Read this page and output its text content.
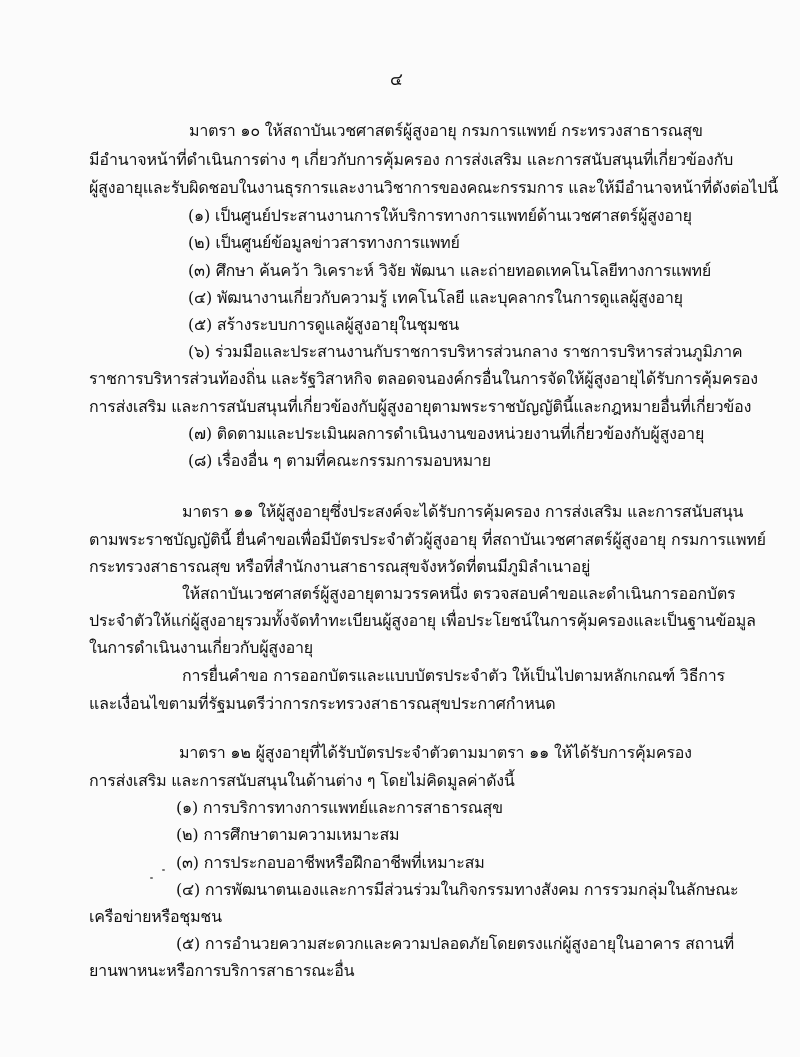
๔
มาตรา ๑๐ ให้สถาบันเวชศาสตร์ผู้สูงอายุ กรมการแพทย์ กระทรวงสาธารณสุข
มีอำนาจหน้าที่ดำเนินการต่าง ๆ เกี่ยวกับการคุ้มครอง การส่งเสริม และการสนับสนุนที่เกี่ยวข้องกับ
ผู้สูงอายุและรับผิดชอบในงานธุรการและงานวิชาการของคณะกรรมการ และให้มีอำนาจหน้าที่ดังต่อไปนี้
(๑) เป็นศูนย์ประสานงานการให้บริการทางการแพทย์ด้านเวชศาสตร์ผู้สูงอายุ
(๒) เป็นศูนย์ข้อมูลข่าวสารทางการแพทย์
(๓) ศึกษา ค้นคว้า วิเคราะห์ วิจัย พัฒนา และถ่ายทอดเทคโนโลยีทางการแพทย์
(๔) พัฒนางานเกี่ยวกับความรู้ เทคโนโลยี และบุคลากรในการดูแลผู้สูงอายุ
(๕) สร้างระบบการดูแลผู้สูงอายุในชุมชน
(๖) ร่วมมือและประสานงานกับราชการบริหารส่วนกลาง ราชการบริหารส่วนภูมิภาค
ราชการบริหารส่วนท้องถิ่น และรัฐวิสาหกิจ ตลอดจนองค์กรอื่นในการจัดให้ผู้สูงอายุได้รับการคุ้มครอง
การส่งเสริม และการสนับสนุนที่เกี่ยวข้องกับผู้สูงอายุตามพระราชบัญญัตินี้และกฎหมายอื่นที่เกี่ยวข้อง
(๗) ติดตามและประเมินผลการดำเนินงานของหน่วยงานที่เกี่ยวข้องกับผู้สูงอายุ
(๘) เรื่องอื่น ๆ ตามที่คณะกรรมการมอบหมาย
มาตรา ๑๑ ให้ผู้สูงอายุซึ่งประสงค์จะได้รับการคุ้มครอง การส่งเสริม และการสนับสนุน
ตามพระราชบัญญัตินี้ ยื่นคำขอเพื่อมีบัตรประจำตัวผู้สูงอายุ ที่สถาบันเวชศาสตร์ผู้สูงอายุ กรมการแพทย์
กระทรวงสาธารณสุข หรือที่สำนักงานสาธารณสุขจังหวัดที่ตนมีภูมิลำเนาอยู่
ให้สถาบันเวชศาสตร์ผู้สูงอายุตามวรรคหนึ่ง ตรวจสอบคำขอและดำเนินการออกบัตร
ประจำตัวให้แก่ผู้สูงอายุรวมทั้งจัดทำทะเบียนผู้สูงอายุ เพื่อประโยชน์ในการคุ้มครองและเป็นฐานข้อมูล
ในการดำเนินงานเกี่ยวกับผู้สูงอายุ
การยื่นคำขอ การออกบัตรและแบบบัตรประจำตัว ให้เป็นไปตามหลักเกณฑ์ วิธีการ
และเงื่อนไขตามที่รัฐมนตรีว่าการกระทรวงสาธารณสุขประกาศกำหนด
มาตรา ๑๒ ผู้สูงอายุที่ได้รับบัตรประจำตัวตามมาตรา ๑๑ ให้ได้รับการคุ้มครอง
การส่งเสริม และการสนับสนุนในด้านต่าง ๆ โดยไม่คิดมูลค่าดังนี้
(๑) การบริการทางการแพทย์และการสาธารณสุข
(๒) การศึกษาตามความเหมาะสม
(๓) การประกอบอาชีพหรือฝึกอาชีพที่เหมาะสม
(๔) การพัฒนาตนเองและการมีส่วนร่วมในกิจกรรมทางสังคม การรวมกลุ่มในลักษณะ
เครือข่ายหรือชุมชน
(๕) การอำนวยความสะดวกและความปลอดภัยโดยตรงแก่ผู้สูงอายุในอาคาร สถานที่
ยานพาหนะหรือการบริการสาธารณะอื่น
